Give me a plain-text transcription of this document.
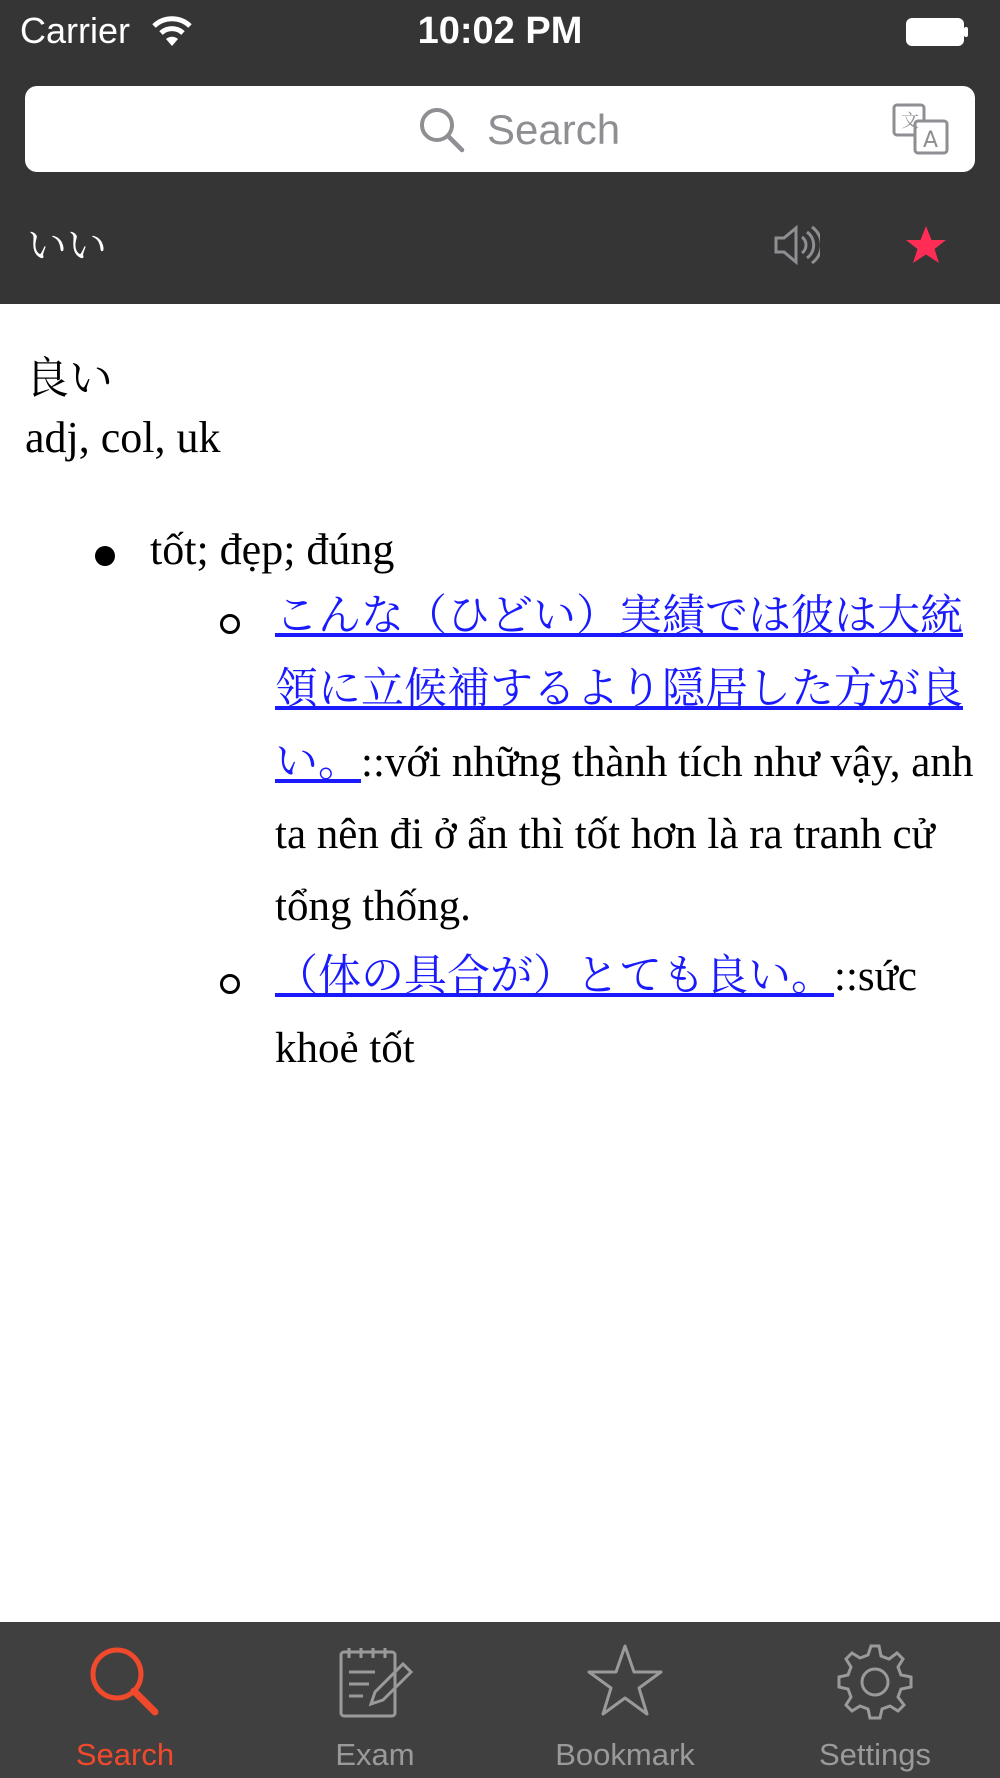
Carrier	10:02 PM
Search	文
A
いい
良い
adj, col, uk
tốt; đẹp; đúng
こんな（ひどい）実績では彼は大統領に立候補するより隠居した方が良い。::với những thành tích như vậy, anh ta nên đi ở ẩn thì tốt hơn là ra tranh cử tổng thống.
（体の具合が）とても良い。::sức khoẻ tốt
Search	Exam	Bookmark	Settings
